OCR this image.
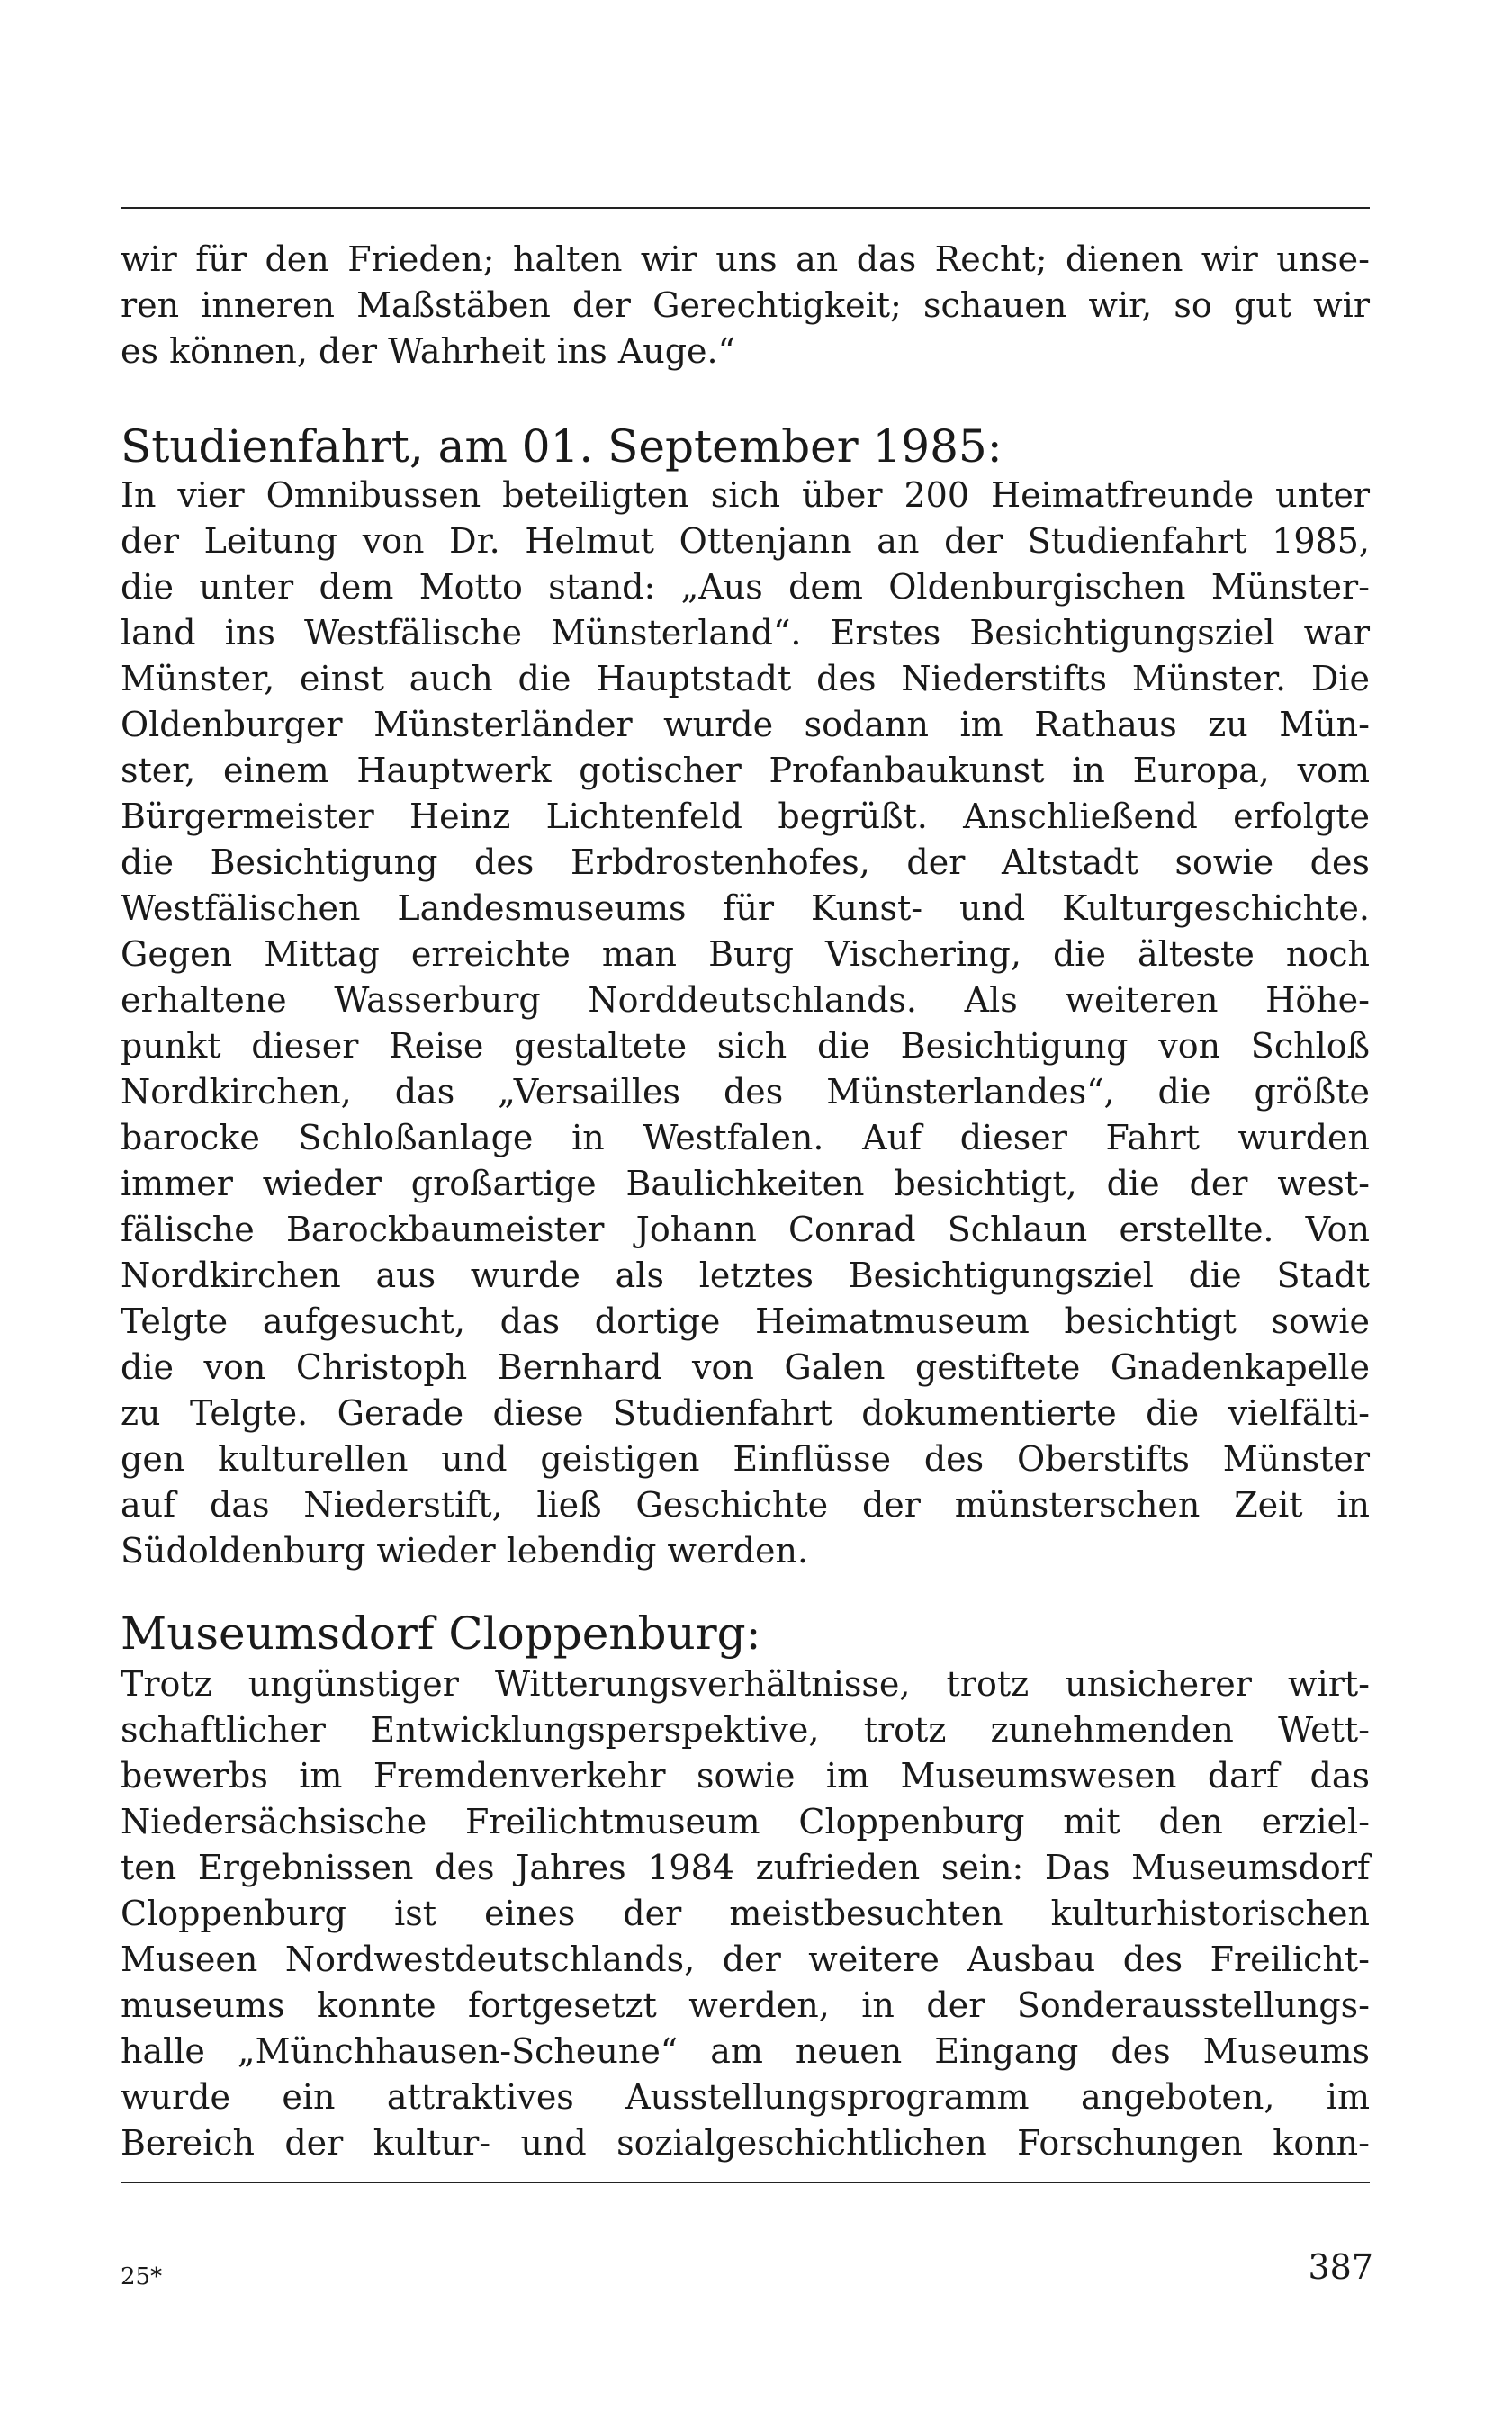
wir für den Frieden; halten wir uns an das Recht; dienen wir unse-
ren inneren Maßstäben der Gerechtigkeit; schauen wir, so gut wir
es können, der Wahrheit ins Auge.“
Studienfahrt, am 01. September 1985:
In vier Omnibussen beteiligten sich über 200 Heimatfreunde unter
der Leitung von Dr. Helmut Ottenjann an der Studienfahrt 1985,
die unter dem Motto stand: „Aus dem Oldenburgischen Münster-
land ins Westfälische Münsterland“. Erstes Besichtigungsziel war
Münster, einst auch die Hauptstadt des Niederstifts Münster. Die
Oldenburger Münsterländer wurde sodann im Rathaus zu Mün-
ster, einem Hauptwerk gotischer Profanbaukunst in Europa, vom
Bürgermeister Heinz Lichtenfeld begrüßt. Anschließend erfolgte
die Besichtigung des Erbdrostenhofes, der Altstadt sowie des
Westfälischen Landesmuseums für Kunst- und Kulturgeschichte.
Gegen Mittag erreichte man Burg Vischering, die älteste noch
erhaltene Wasserburg Norddeutschlands. Als weiteren Höhe-
punkt dieser Reise gestaltete sich die Besichtigung von Schloß
Nordkirchen, das „Versailles des Münsterlandes“, die größte
barocke Schloßanlage in Westfalen. Auf dieser Fahrt wurden
immer wieder großartige Baulichkeiten besichtigt, die der west-
fälische Barockbaumeister Johann Conrad Schlaun erstellte. Von
Nordkirchen aus wurde als letztes Besichtigungsziel die Stadt
Telgte aufgesucht, das dortige Heimatmuseum besichtigt sowie
die von Christoph Bernhard von Galen gestiftete Gnadenkapelle
zu Telgte. Gerade diese Studienfahrt dokumentierte die vielfälti-
gen kulturellen und geistigen Einflüsse des Oberstifts Münster
auf das Niederstift, ließ Geschichte der münsterschen Zeit in
Südoldenburg wieder lebendig werden.
Museumsdorf Cloppenburg:
Trotz ungünstiger Witterungsverhältnisse, trotz unsicherer wirt-
schaftlicher Entwicklungsperspektive, trotz zunehmenden Wett-
bewerbs im Fremdenverkehr sowie im Museumswesen darf das
Niedersächsische Freilichtmuseum Cloppenburg mit den erziel-
ten Ergebnissen des Jahres 1984 zufrieden sein: Das Museumsdorf
Cloppenburg ist eines der meistbesuchten kulturhistorischen
Museen Nordwestdeutschlands, der weitere Ausbau des Freilicht-
museums konnte fortgesetzt werden, in der Sonderausstellungs-
halle „Münchhausen-Scheune“ am neuen Eingang des Museums
wurde ein attraktives Ausstellungsprogramm angeboten, im
Bereich der kultur- und sozialgeschichtlichen Forschungen konn-
25*	387
